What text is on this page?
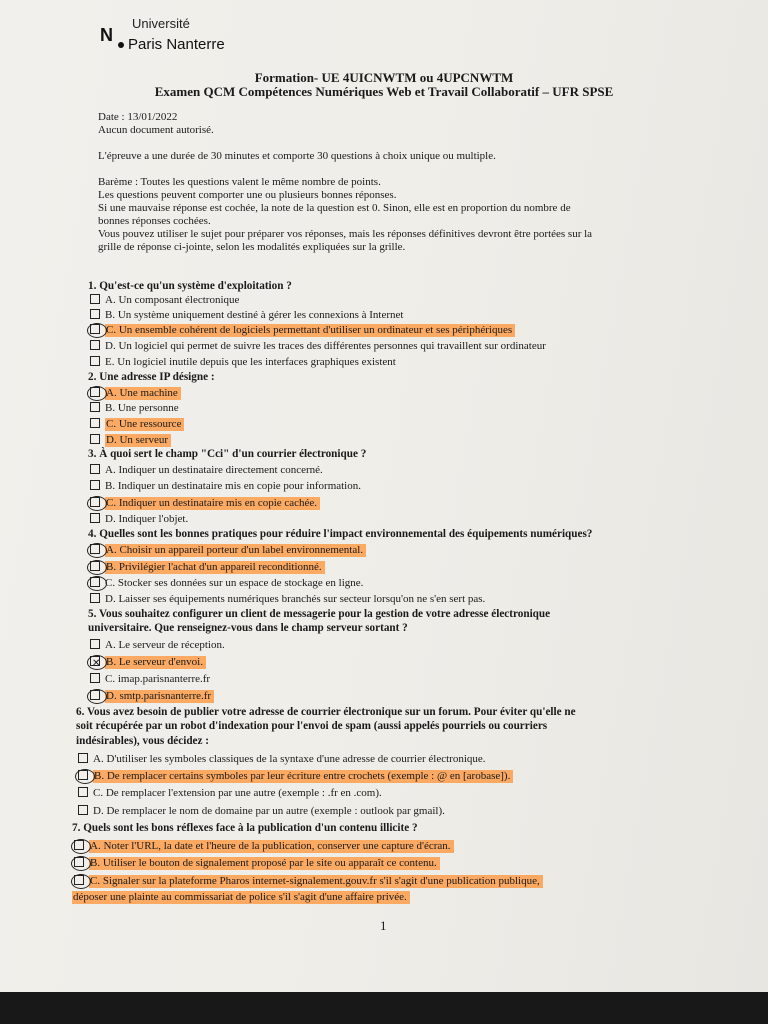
Université
N	Paris Nanterre
Formation- UE 4UICNWTM ou 4UPCNWTM
Examen QCM Compétences Numériques Web et Travail Collaboratif – UFR SPSE
Date : 13/01/2022
Aucun document autorisé.
L'épreuve a une durée de 30 minutes et comporte 30 questions à choix unique ou multiple.
Barème : Toutes les questions valent le même nombre de points.
Les questions peuvent comporter une ou plusieurs bonnes réponses.
Si une mauvaise réponse est cochée, la note de la question est 0. Sinon, elle est en proportion du nombre de
bonnes réponses cochées.
Vous pouvez utiliser le sujet pour préparer vos réponses, mais les réponses définitives devront être portées sur la
grille de réponse ci-jointe, selon les modalités expliquées sur la grille.
1. Qu'est-ce qu'un système d'exploitation ?
A. Un composant électronique
B. Un système uniquement destiné à gérer les connexions à Internet
C. Un ensemble cohérent de logiciels permettant d'utiliser un ordinateur et ses périphériques
D. Un logiciel qui permet de suivre les traces des différentes personnes qui travaillent sur ordinateur
E. Un logiciel inutile depuis que les interfaces graphiques existent
2. Une adresse IP désigne :
A. Une machine
B. Une personne
C. Une ressource
D. Un serveur
3. À quoi sert le champ "Cci" d'un courrier électronique ?
A. Indiquer un destinataire directement concerné.
B. Indiquer un destinataire mis en copie pour information.
C. Indiquer un destinataire mis en copie cachée.
D. Indiquer l'objet.
4. Quelles sont les bonnes pratiques pour réduire l'impact environnemental des équipements numériques?
A. Choisir un appareil porteur d'un label environnemental.
B. Privilégier l'achat d'un appareil reconditionné.
C. Stocker ses données sur un espace de stockage en ligne.
D. Laisser ses équipements numériques branchés sur secteur lorsqu'on ne s'en sert pas.
5. Vous souhaitez configurer un client de messagerie pour la gestion de votre adresse électronique
universitaire. Que renseignez-vous dans le champ serveur sortant ?
A. Le serveur de réception.
✕ B. Le serveur d'envoi.
C. imap.parisnanterre.fr
D. smtp.parisnanterre.fr
6. Vous avez besoin de publier votre adresse de courrier électronique sur un forum. Pour éviter qu'elle ne
soit récupérée par un robot d'indexation pour l'envoi de spam (aussi appelés pourriels ou courriers
indésirables), vous décidez :
A. D'utiliser les symboles classiques de la syntaxe d'une adresse de courrier électronique.
B. De remplacer certains symboles par leur écriture entre crochets (exemple : @ en [arobase]).
C. De remplacer l'extension par une autre (exemple : .fr en .com).
D. De remplacer le nom de domaine par un autre (exemple : outlook par gmail).
7. Quels sont les bons réflexes face à la publication d'un contenu illicite ?
A. Noter l'URL, la date et l'heure de la publication, conserver une capture d'écran.
B. Utiliser le bouton de signalement proposé par le site ou apparaît ce contenu.
C. Signaler sur la plateforme Pharos internet-signalement.gouv.fr s'il s'agit d'une publication publique,
déposer une plainte au commissariat de police s'il s'agit d'une affaire privée.
1
